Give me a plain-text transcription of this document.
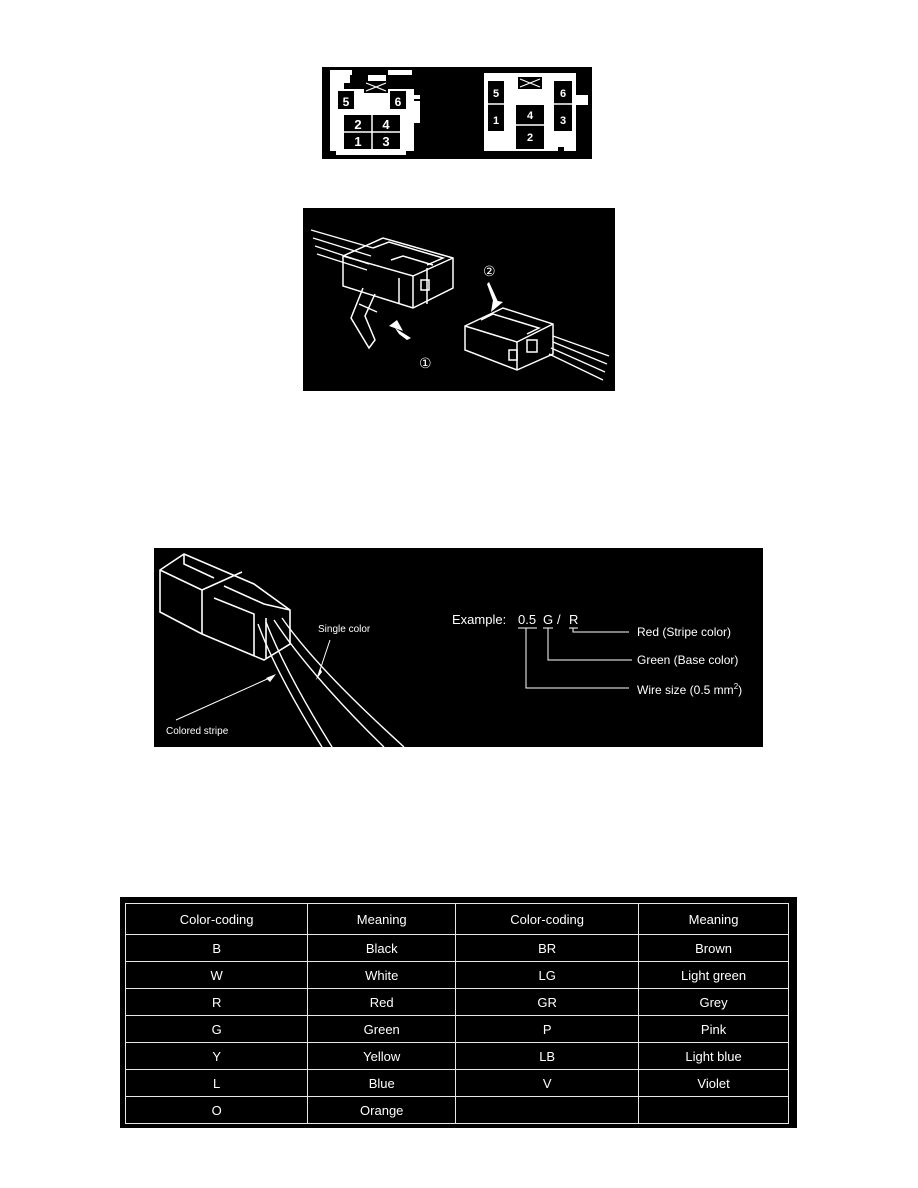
5	6
2 4
1 3
5	6
1	4 3
2
①
②
Single color
Colored stripe
Example: 0.5 G / R
Red (Stripe color)
Green (Base color)
Wire size (0.5 $mm^2$)
Color-coding	Meaning	Color-coding	Meaning
B	Black	BR	Brown
W	White	LG	Light green
R	Red	GR	Grey
G	Green	P	Pink
Y	Yellow	LB	Light blue
L	Blue	V	Violet
O	Orange		
